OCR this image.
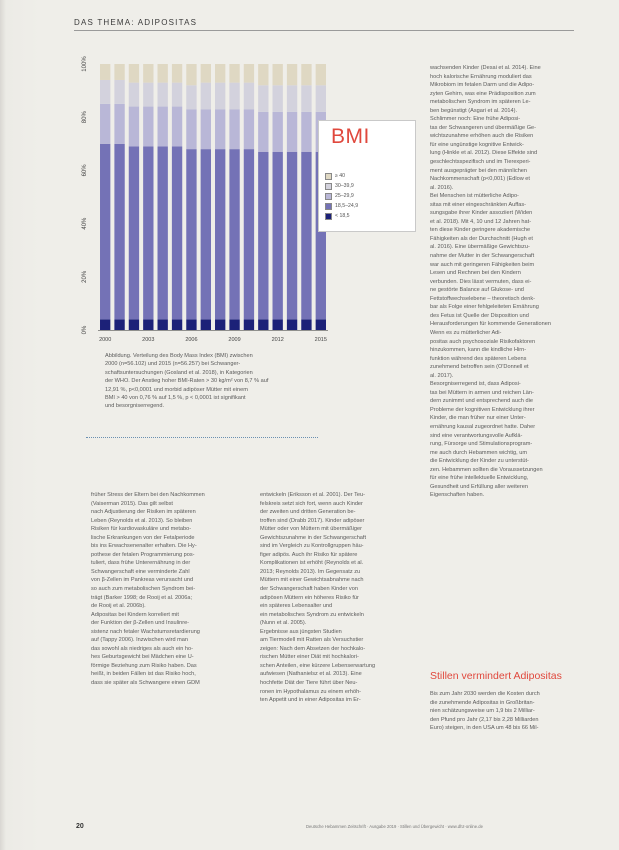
DAS THEMA: ADIPOSITAS
0%
20%
40%
60%
80%
100%
2000	2003	2006	2009	2012	2015
BMI
≥ 40
30–39,9
25–29,9
18,5–24,9
< 18,5
Abbildung. Verteilung des Body Mass Index (BMI) zwischen
2000 (n=56.102) und 2015 (n=56.257) bei Schwanger-
schaftsuntersuchungen (Gosland et al. 2018), in Kategorien
der WHO. Der Anstieg hoher BMI-Raten > 30 kg/m² von 8,7 % auf
12,91 %, p<0,0001 und morbid adipöser Mütter mit einem
BMI > 40 von 0,76 % auf 1,5 %, p < 0,0001 ist signifikant
und besorgniserregend.
wachsenden Kinder (Desai et al. 2014). Eine
hoch kalorische Ernährung moduliert das
Mikrobiom im fetalen Darm und die Adipo-
zyten Gehirn, was eine Prädisposition zum
metabolischen Syndrom im späteren Le-
ben begünstigt (Asgari et al. 2014).
Schlimmer noch: Eine frühe Adiposi-
tas der Schwangeren und übermäßige Ge-
wichtszunahme erhöhen auch die Risiken
für eine ungünstige kognitive Entwick-
lung (Hinkle et al. 2012). Diese Effekte sind
geschlechtsspezifisch und im Tierexperi-
ment ausgeprägter bei den männlichen
Nachkommenschaft (p<0,001) (Edlow et
al. 2016).
Bei Menschen ist mütterliche Adipo-
sitas mit einer eingeschränkten Auffas-
sungsgabe ihrer Kinder assoziiert (Widen
et al. 2018). Mit 4, 10 und 12 Jahren hat-
ten diese Kinder geringere akademische
Fähigkeiten als der Durchschnitt (Hugh et
al. 2016). Eine übermäßige Gewichtszu-
nahme der Mutter in der Schwangerschaft
war auch mit geringeren Fähigkeiten beim
Lesen und Rechnen bei den Kindern
verbunden. Dies lässt vermuten, dass ei-
ne gestörte Balance auf Glukose- und
Fettstoffwechselebene – theoretisch denk-
bar als Folge einer fehlgeleiteten Ernährung
des Fetus ist Quelle der Disposition und
Herausforderungen für kommende Generationen
Wenn es zu mütterlicher Adi-
positas auch psychosoziale Risikofaktoren
hinzukommen, kann die kindliche Hirn-
funktion während des späteren Lebens
zunehmend betroffen sein (O'Donnell et
al. 2017).
Besorgniserregend ist, dass Adiposi-
tas bei Müttern in armen und reichen Län-
dern zunimmt und entsprechend auch die
Probleme der kognitiven Entwicklung ihrer
Kinder, die man früher nur einer Unter-
ernährung kausal zugeordnet hatte. Daher
sind eine verantwortungsvolle Aufklä-
rung, Fürsorge und Stimulationsprogram-
me auch durch Hebammen wichtig, um
die Entwicklung der Kinder zu unterstüt-
zen. Hebammen sollten die Voraussetzungen
für eine frühe intellektuelle Entwicklung,
Gesundheit und Erfüllung aller weiteren
Eigenschaften haben.
früher Stress der Eltern bei den Nachkommen
(Vaiserman 2015). Das gilt selbst
nach Adjustierung der Risiken im späteren
Leben (Reynolds et al. 2013). So bleiben
Risiken für kardiovaskuläre und metabo-
lische Erkrankungen von der Fetalperiode
bis ins Erwachsenenalter erhalten. Die Hy-
pothese der fetalen Programmierung pos-
tuliert, dass frühe Unterernährung in der
Schwangerschaft eine verminderte Zahl
von β-Zellen im Pankreas verursacht und
so auch zum metabolischen Syndrom bei-
trägt (Barker 1998; de Rooij et al. 2006a;
de Rooij et al. 2006b).
Adipositas bei Kindern korreliert mit
der Funktion der β-Zellen und Insulinre-
sistenz nach fetaler Wachstumsretardierung
auf (Tappy 2006). Inzwischen wird man
das sowohl als niedriges als auch ein ho-
hes Geburtsgewicht bei Mädchen eine U-
förmige Beziehung zum Risiko haben. Das
heißt, in beiden Fällen ist das Risiko hoch,
dass sie später als Schwangere einen GDM
entwickeln (Eriksson et al. 2001). Der Teu-
felskreis setzt sich fort, wenn auch Kinder
der zweiten und dritten Generation be-
troffen sind (Drabb 2017). Kinder adipöser
Mütter oder von Müttern mit übermäßiger
Gewichtszunahme in der Schwangerschaft
sind im Vergleich zu Kontrollgruppen häu-
figer adipös. Auch ihr Risiko für spätere
Komplikationen ist erhöht (Reynolds et al.
2013; Reynolds 2013). Im Gegensatz zu
Müttern mit einer Gewichtsabnahme nach
der Schwangerschaft haben Kinder von
adipösen Müttern ein höheres Risiko für
ein späteres Lebensalter und
ein metabolisches Syndrom zu entwickeln
(Nunn et al. 2005).
Ergebnisse aus jüngsten Studien
am Tiermodell mit Ratten als Versuchstier
zeigen: Nach dem Absetzen der hochkalo-
rischen Mütter einer Diät mit hochkalori-
schen Anteilen, eine kürzere Lebenserwartung
aufwiesen (Nathanielsz et al. 2013). Eine
hochfette Diät der Tiere führt über Neu-
ronen im Hypothalamus zu einem erhöh-
ten Appetit und in einer Adipositas im Er-
Stillen vermindert Adipositas
Bis zum Jahr 2030 werden die Kosten durch
die zunehmende Adipositas in Großbritan-
nien schätzungsweise um 1,9 bis 2 Milliar-
den Pfund pro Jahr (2,17 bis 2,28 Milliarden
Euro) steigen, in den USA um 48 bis 66 Mil-
20	Deutsche Hebammen Zeitschrift · Ausgabe 2019 · Stillen und Übergewicht · www.dhz-online.de
